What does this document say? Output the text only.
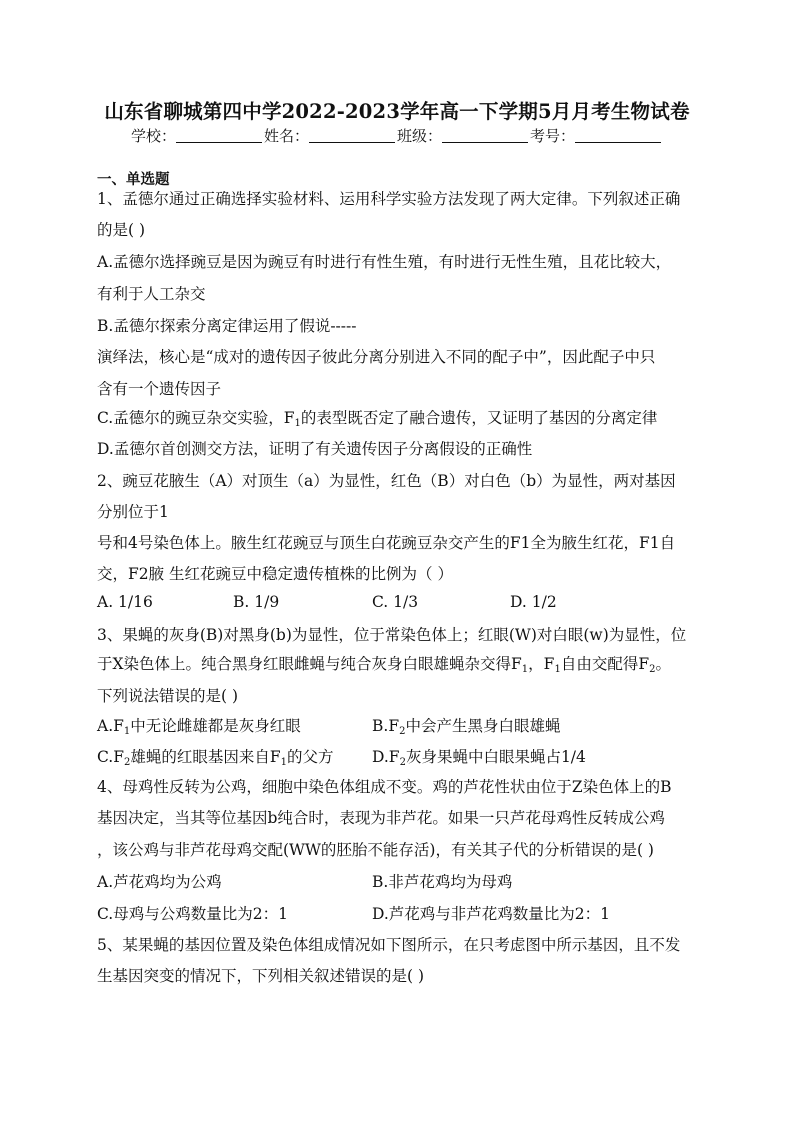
山东省聊城第四中学2022-2023学年高一下学期5月月考生物试卷
学校：	姓名：	班级：	考号：
一、单选题
1、孟德尔通过正确选择实验材料、运用科学实验方法发现了两大定律。下列叙述正确
的是( )
A.孟德尔选择豌豆是因为豌豆有时进行有性生殖，有时进行无性生殖，且花比较大，
有利于人工杂交
B.孟德尔探索分离定律运用了假说-----
演绎法，核心是“成对的遗传因子彼此分离分别进入不同的配子中”，因此配子中只
含有一个遗传因子
C.孟德尔的豌豆杂交实验，$F_1$的表型既否定了融合遗传，又证明了基因的分离定律
D.孟德尔首创测交方法，证明了有关遗传因子分离假设的正确性
2、豌豆花腋生（A）对顶生（a）为显性，红色（B）对白色（b）为显性，两对基因
分别位于1
号和4号染色体上。腋生红花豌豆与顶生白花豌豆杂交产生的F1全为腋生红花，F1自
交，F2腋 生红花豌豆中稳定遗传植株的比例为（ ）
A. 1/16	B. 1/9	C. 1/3	D. 1/2
3、果蝇的灰身(B)对黑身(b)为显性，位于常染色体上；红眼(W)对白眼(w)为显性，位
于X染色体上。纯合黑身红眼雌蝇与纯合灰身白眼雄蝇杂交得$F_1$，$F_1$自由交配得$F_2$。
下列说法错误的是( )
$A.F_1$中无论雌雄都是灰身红眼	$B.F_2$中会产生黑身白眼雄蝇
$C.F_2$雄蝇的红眼基因来自$F_1$的父方 $D.F_2$灰身果蝇中白眼果蝇占1/4
4、母鸡性反转为公鸡，细胞中染色体组成不变。鸡的芦花性状由位于Z染色体上的B
基因决定，当其等位基因b纯合时，表现为非芦花。如果一只芦花母鸡性反转成公鸡
，该公鸡与非芦花母鸡交配(WW的胚胎不能存活)，有关其子代的分析错误的是( )
A.芦花鸡均为公鸡	B.非芦花鸡均为母鸡
C.母鸡与公鸡数量比为2：1	D.芦花鸡与非芦花鸡数量比为2：1
5、某果蝇的基因位置及染色体组成情况如下图所示，在只考虑图中所示基因，且不发
生基因突变的情况下，下列相关叙述错误的是( )
